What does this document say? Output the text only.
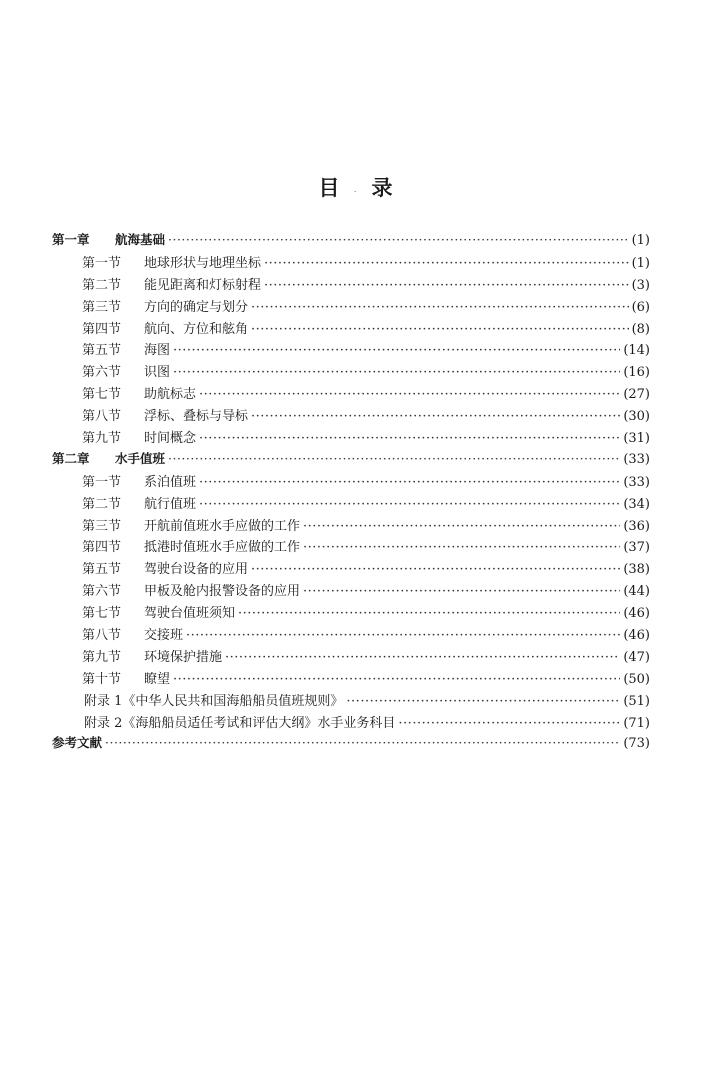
目 录
.
第一章	航海基础 ·····	(1)
第一节	地球形状与地理坐标 ·····	(1)
第二节	能见距离和灯标射程 ·····	(3)
第三节	方向的确定与划分 ·····	(6)
第四节	航向、方位和舷角 ·····	(8)
第五节	海图 ·····	(14)
第六节	识图 ·····	(16)
第七节	助航标志 ·····	(27)
第八节	浮标、叠标与导标 ·····	(30)
第九节	时间概念 ·····	(31)
第二章	水手值班 ·····	(33)
第一节	系泊值班 ·····	(33)
第二节	航行值班 ·····	(34)
第三节	开航前值班水手应做的工作 ·····	(36)
第四节	抵港时值班水手应做的工作 ·····	(37)
第五节	驾驶台设备的应用 ·····	(38)
第六节	甲板及舱内报警设备的应用 ·····	(44)
第七节	驾驶台值班须知 ·····	(46)
第八节	交接班 ·····	(46)
第九节	环境保护措施 ·····	(47)
第十节	瞭望 ·····	(50)
附录 1 《中华人民共和国海船船员值班规则》 ·····	(51)
附录 2 《海船船员适任考试和评估大纲》水手业务科目 ·····	(71)
参考文献 ·····	(73)
